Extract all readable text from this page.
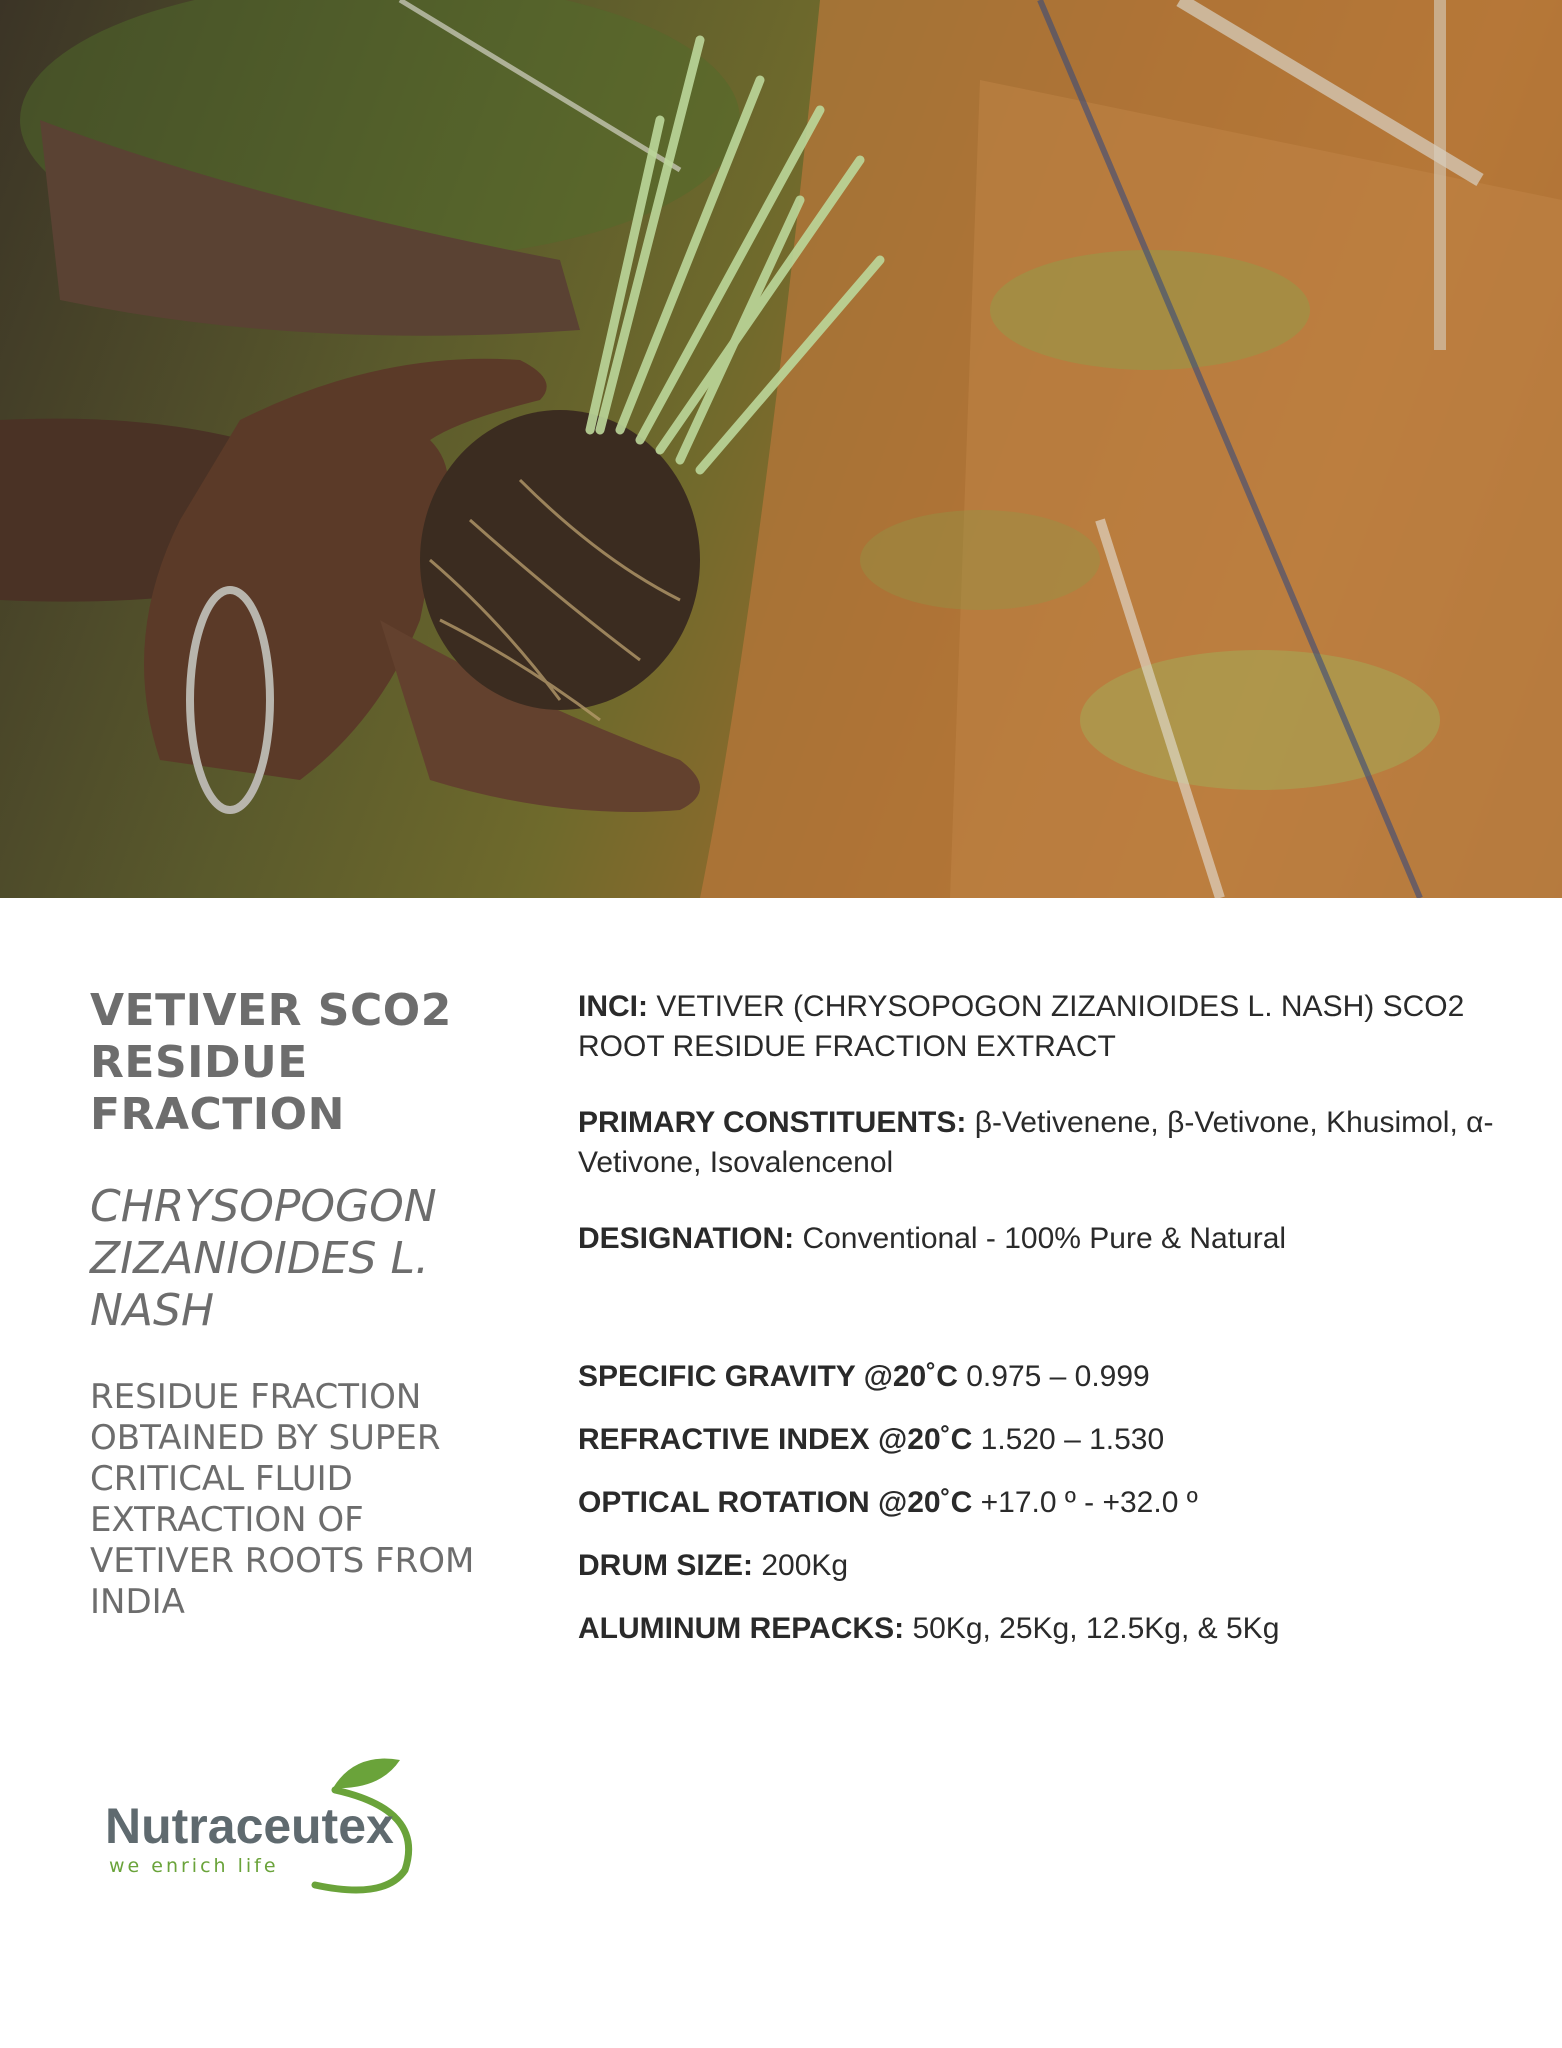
VETIVER SCO2 RESIDUE FRACTION
CHRYSOPOGON ZIZANIOIDES L. NASH
RESIDUE FRACTION OBTAINED BY SUPER CRITICAL FLUID EXTRACTION OF VETIVER ROOTS FROM INDIA

INCI: VETIVER (CHRYSOPOGON ZIZANIOIDES L. NASH) SCO2 ROOT RESIDUE FRACTION EXTRACT

PRIMARY CONSTITUENTS: β-Vetivenene, β-Vetivone, Khusimol, α-Vetivone, Isovalencenol

DESIGNATION: Conventional - 100% Pure & Natural

SPECIFIC GRAVITY @20˚C 0.975 – 0.999

REFRACTIVE INDEX @20˚C 1.520 – 1.530

OPTICAL ROTATION @20˚C +17.0 º - +32.0 º

DRUM SIZE: 200Kg

ALUMINUM REPACKS: 50Kg, 25Kg, 12.5Kg, & 5Kg

Nutrace utex
we enrich life
